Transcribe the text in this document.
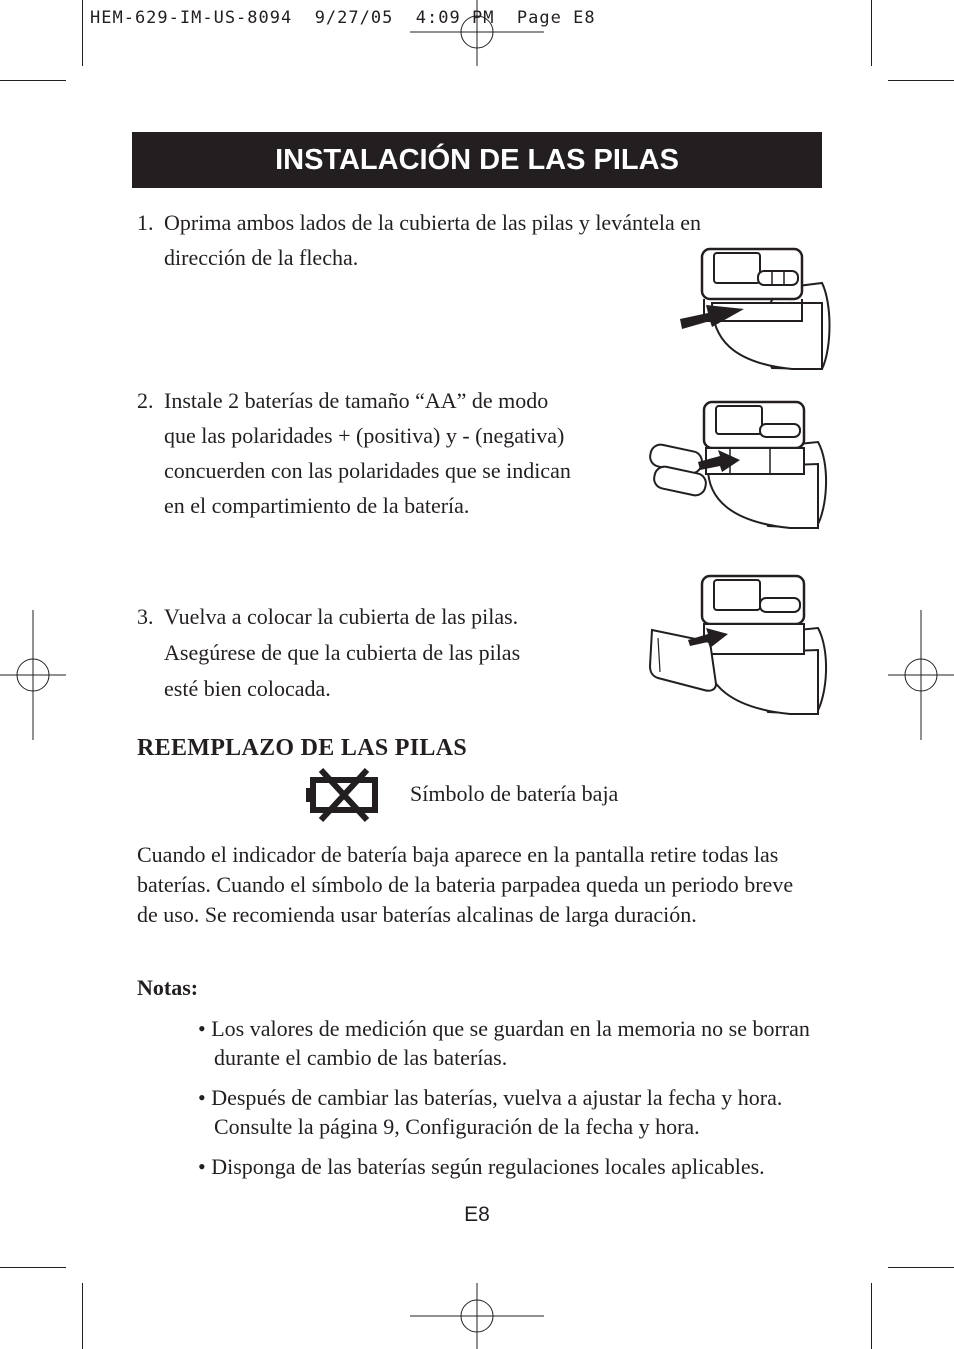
HEM-629-IM-US-8094  9/27/05  4:09 PM  Page E8
INSTALACIÓN DE LAS PILAS
1. Oprima ambos lados de la cubierta de las pilas y levántela en
dirección de la flecha.
2. Instale 2 baterías de tamaño “AA” de modo
que las polaridades + (positiva) y - (negativa)
concuerden con las polaridades que se indican
en el compartimiento de la batería.
3. Vuelva a colocar la cubierta de las pilas.
Asegúrese de que la cubierta de las pilas
esté bien colocada.
REEMPLAZO DE LAS PILAS
Símbolo de batería baja
Cuando el indicador de batería baja aparece en la pantalla retire todas las baterías. Cuando el símbolo de la bateria parpadea queda un periodo breve de uso. Se recomienda usar baterías alcalinas de larga duración.
Notas:
• Los valores de medición que se guardan en la memoria no se borran durante el cambio de las baterías.
• Después de cambiar las baterías, vuelva a ajustar la fecha y hora. Consulte la página 9, Configuración de la fecha y hora.
• Disponga de las baterías según regulaciones locales aplicables.
E8
